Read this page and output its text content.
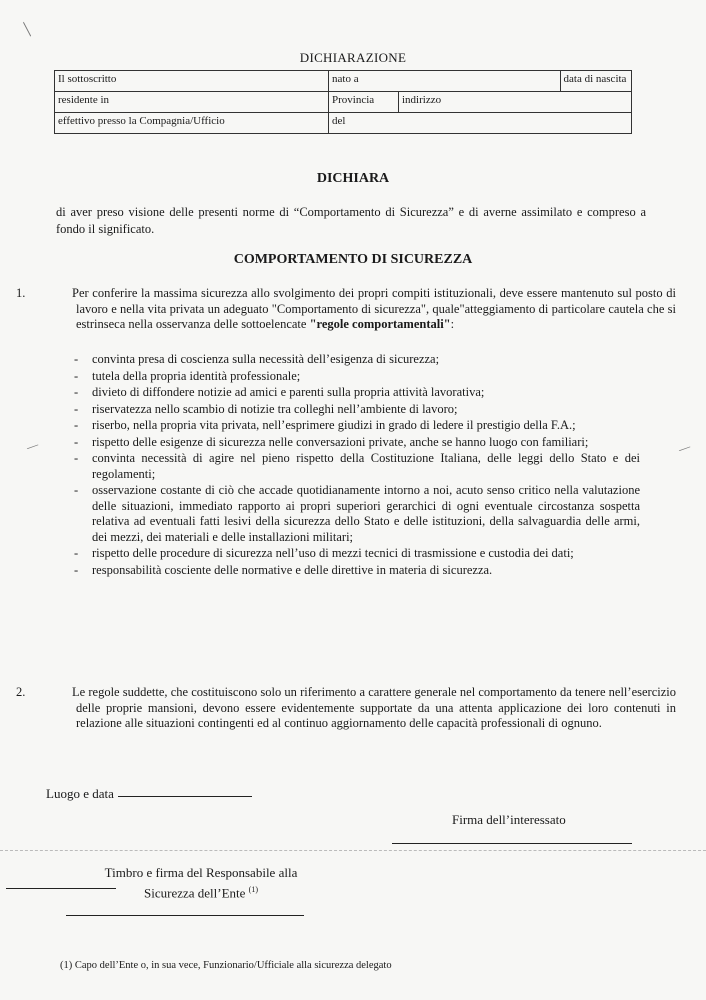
DICHIARAZIONE
Il sottoscritto	nato a		data di nascita
residente in	Provincia	indirizzo	
effettivo presso la Compagnia/Ufficio	del		
DICHIARA
di aver preso visione delle presenti norme di “Comportamento di Sicurezza” e di averne assimilato e compreso a fondo il significato.
COMPORTAMENTO DI SICUREZZA
1.	Per conferire la massima sicurezza allo svolgimento dei propri compiti istituzionali, deve essere mantenuto sul posto di lavoro e nella vita privata un adeguato "Comportamento di sicurezza", quale"atteggiamento di particolare cautela che si estrinseca nella osservanza delle sottoelencate "regole comportamentali":
- convinta presa di coscienza sulla necessità dell’esigenza di sicurezza;
- tutela della propria identità professionale;
- divieto di diffondere notizie ad amici e parenti sulla propria attività lavorativa;
- riservatezza nello scambio di notizie tra colleghi nell’ambiente di lavoro;
- riserbo, nella propria vita privata, nell’esprimere giudizi in grado di ledere il prestigio della F.A.;
- rispetto delle esigenze di sicurezza nelle conversazioni private, anche se hanno luogo con familiari;
- convinta necessità di agire nel pieno rispetto della Costituzione Italiana, delle leggi dello Stato e dei regolamenti;
- osservazione costante di ciò che accade quotidianamente intorno a noi, acuto senso critico nella valutazione delle situazioni, immediato rapporto ai propri superiori gerarchici di ogni eventuale circostanza sospetta relativa ad eventuali fatti lesivi della sicurezza dello Stato e delle istituzioni, della salvaguardia delle armi, dei mezzi, dei materiali e delle installazioni militari;
- rispetto delle procedure di sicurezza nell’uso di mezzi tecnici di trasmissione e custodia dei dati;
- responsabilità cosciente delle normative e delle direttive in materia di sicurezza.
2.	Le regole suddette, che costituiscono solo un riferimento a carattere generale nel comportamento da tenere nell’esercizio delle proprie mansioni, devono essere evidentemente supportate da una attenta applicazione dei loro contenuti in relazione alle situazioni contingenti ed al continuo aggiornamento delle capacità professionali di ognuno.
Luogo e data
Firma dell’interessato
Timbro e firma del Responsabile alla
Sicurezza dell’Ente $^{(1)}$
(1) Capo dell’Ente o, in sua vece, Funzionario/Ufficiale alla sicurezza delegato
╱
⟋	⟋
